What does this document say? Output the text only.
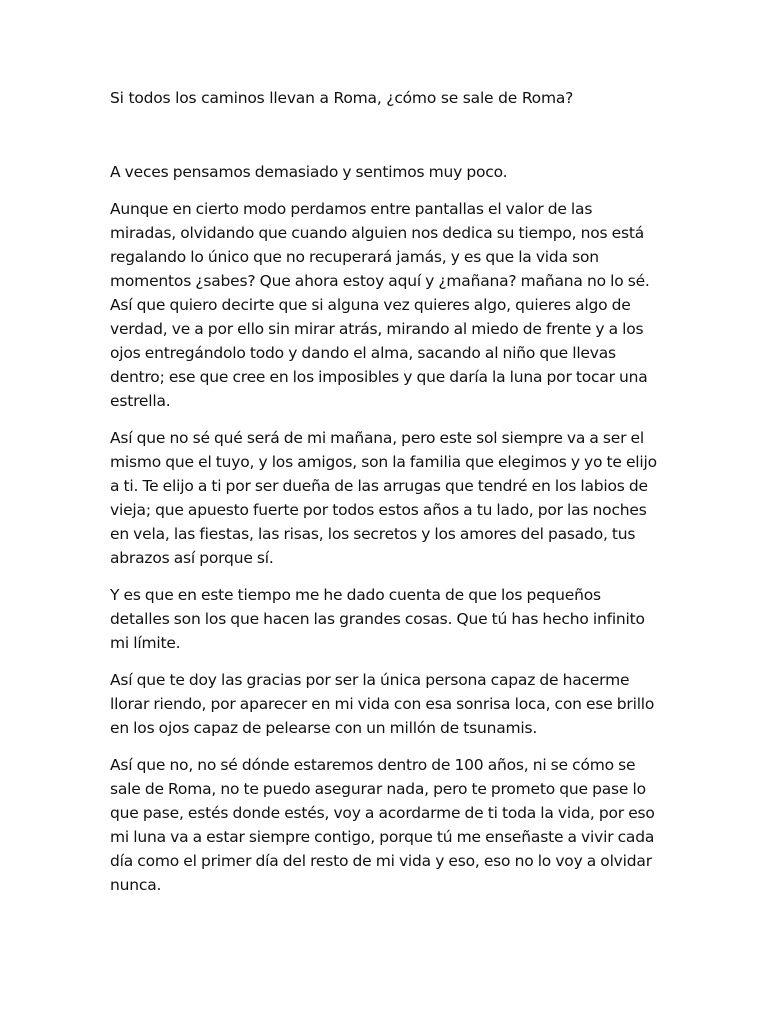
Si todos los caminos llevan a Roma, ¿cómo se sale de Roma?

A veces pensamos demasiado y sentimos muy poco.

Aunque en cierto modo perdamos entre pantallas el valor de las miradas, olvidando que cuando alguien nos dedica su tiempo, nos está regalando lo único que no recuperará jamás, y es que la vida son momentos ¿sabes? Que ahora estoy aquí y ¿mañana? mañana no lo sé. Así que quiero decirte que si alguna vez quieres algo, quieres algo de verdad, ve a por ello sin mirar atrás, mirando al miedo de frente y a los ojos entregándolo todo y dando el alma, sacando al niño que llevas dentro; ese que cree en los imposibles y que daría la luna por tocar una estrella.

Así que no sé qué será de mi mañana, pero este sol siempre va a ser el mismo que el tuyo, y los amigos, son la familia que elegimos y yo te elijo a ti. Te elijo a ti por ser dueña de las arrugas que tendré en los labios de vieja; que apuesto fuerte por todos estos años a tu lado, por las noches en vela, las fiestas, las risas, los secretos y los amores del pasado, tus abrazos así porque sí.

Y es que en este tiempo me he dado cuenta de que los pequeños detalles son los que hacen las grandes cosas. Que tú has hecho infinito mi límite.

Así que te doy las gracias por ser la única persona capaz de hacerme llorar riendo, por aparecer en mi vida con esa sonrisa loca, con ese brillo en los ojos capaz de pelearse con un millón de tsunamis.

Así que no, no sé dónde estaremos dentro de 100 años, ni se cómo se sale de Roma, no te puedo asegurar nada, pero te prometo que pase lo que pase, estés donde estés, voy a acordarme de ti toda la vida, por eso mi luna va a estar siempre contigo, porque tú me enseñaste a vivir cada día como el primer día del resto de mi vida y eso, eso no lo voy a olvidar nunca.
